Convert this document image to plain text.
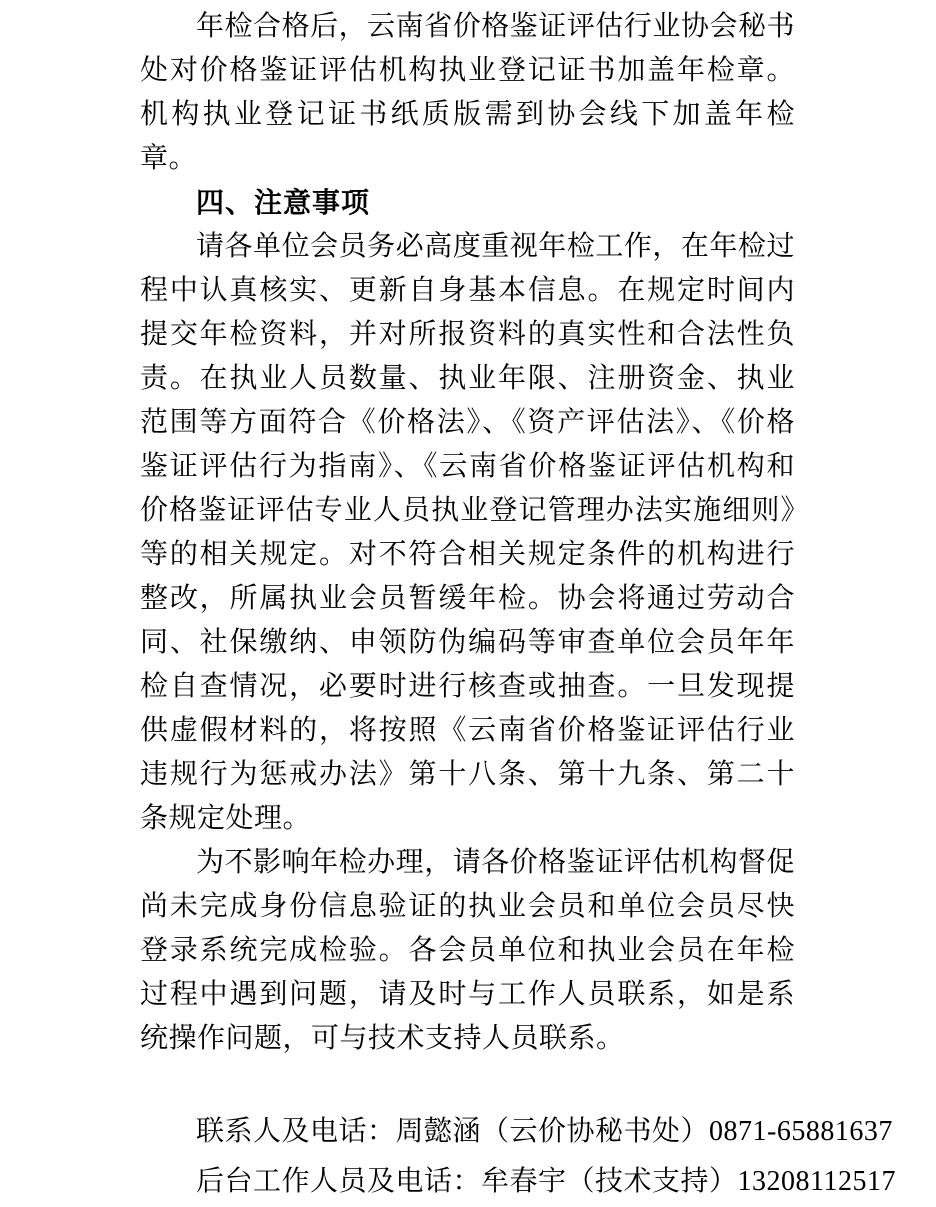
年检合格后，云南省价格鉴证评估行业协会秘书处对价格鉴证评估机构执业登记证书加盖年检章。机构执业登记证书纸质版需到协会线下加盖年检章。

四、注意事项

请各单位会员务必高度重视年检工作，在年检过程中认真核实、更新自身基本信息。在规定时间内提交年检资料，并对所报资料的真实性和合法性负责。在执业人员数量、执业年限、注册资金、执业范围等方面符合《价格法》、《资产评估法》、《价格鉴证评估行为指南》、《云南省价格鉴证评估机构和价格鉴证评估专业人员执业登记管理办法实施细则》等的相关规定。对不符合相关规定条件的机构进行整改，所属执业会员暂缓年检。协会将通过劳动合同、社保缴纳、申领防伪编码等审查单位会员年年检自查情况，必要时进行核查或抽查。一旦发现提供虚假材料的，将按照《云南省价格鉴证评估行业违规行为惩戒办法》第十八条、第十九条、第二十条规定处理。

为不影响年检办理，请各价格鉴证评估机构督促尚未完成身份信息验证的执业会员和单位会员尽快登录系统完成检验。各会员单位和执业会员在年检过程中遇到问题，请及时与工作人员联系，如是系统操作问题，可与技术支持人员联系。

联系人及电话：周懿涵（云价协秘书处）0871-65881637

后台工作人员及电话：牟春宇（技术支持）13208112517
